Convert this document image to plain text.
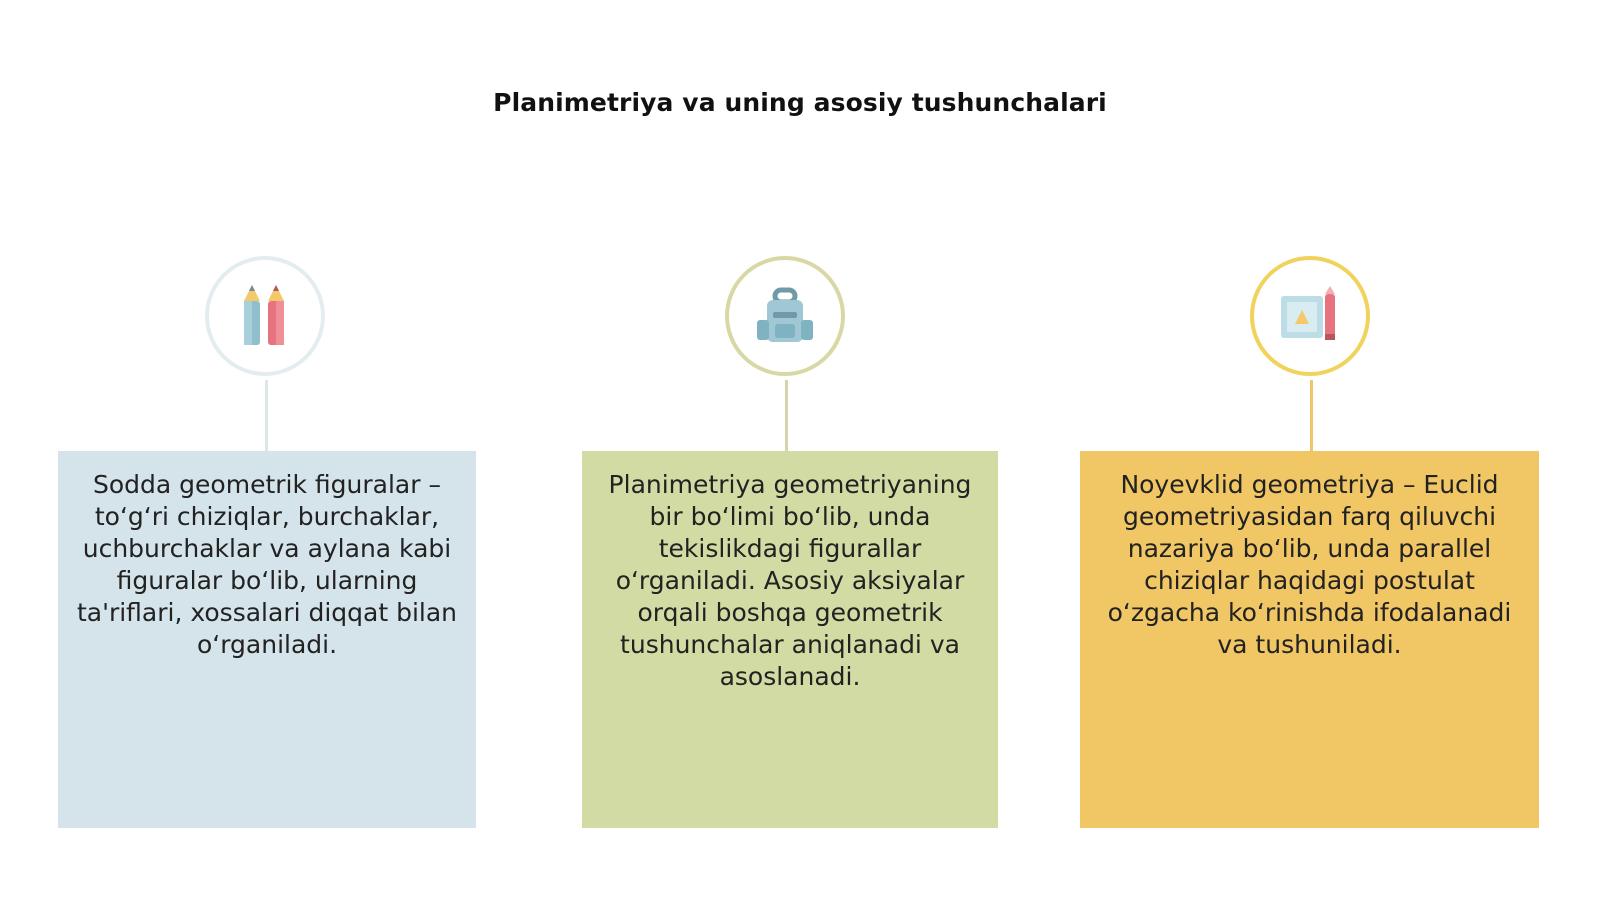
Planimetriya va uning asosiy tushunchalari

Sodda geometrik figuralar – toʻgʻri chiziqlar, burchaklar, uchburchaklar va aylana kabi figuralar boʻlib, ularning ta'riflari, xossalari diqqat bilan oʻrganiladi.

Planimetriya geometriyaning bir boʻlimi boʻlib, unda tekislikdagi figurallar oʻrganiladi. Asosiy aksiyalar orqali boshqa geometrik tushunchalar aniqlanadi va asoslanadi.

Noyevklid geometriya – Euclid geometriyasidan farq qiluvchi nazariya boʻlib, unda parallel chiziqlar haqidagi postulat oʻzgacha koʻrinishda ifodalanadi va tushuniladi.
